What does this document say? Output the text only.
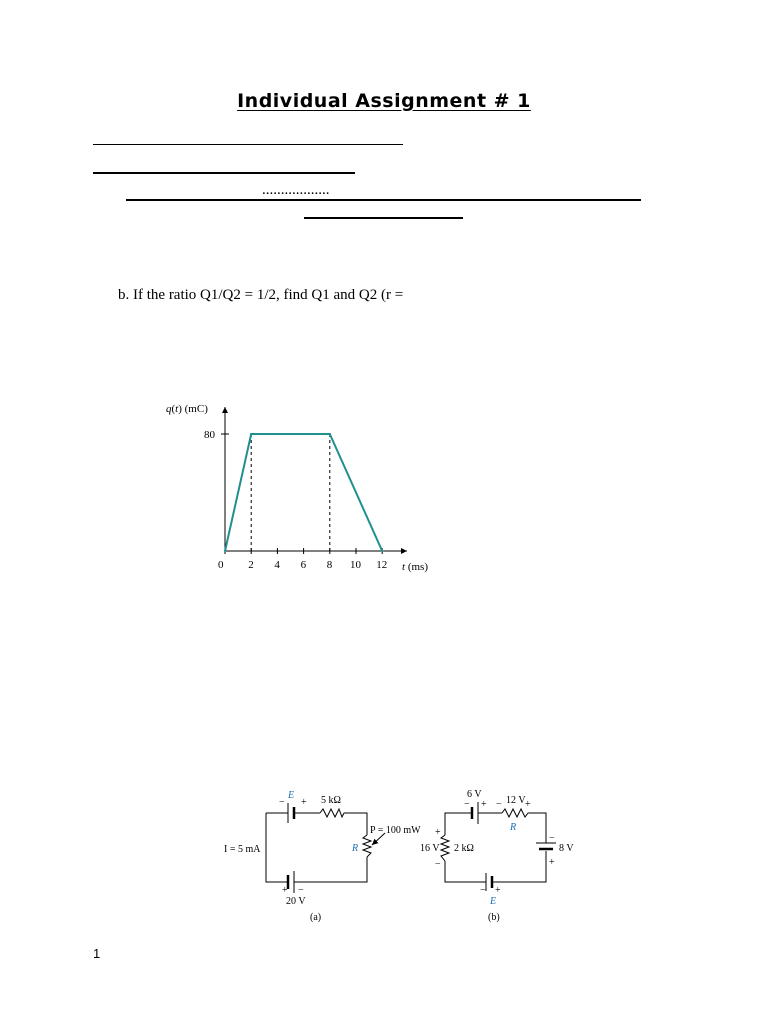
Individual Assignment # 1
..................
b. If the ratio Q1/Q2 = 1/2, find Q1 and Q2 (r =
0 2 4 6 8 10 12
80
q(t) (mC)
t (ms)
E
− + 5 kΩ
I = 5 mA
P = 100 mW
R
+ −
20 V
(a)
6 V
− + − 12 V +
R
−
8 V
+
+
16 V 2 kΩ
−
− +
E
(b)
1
